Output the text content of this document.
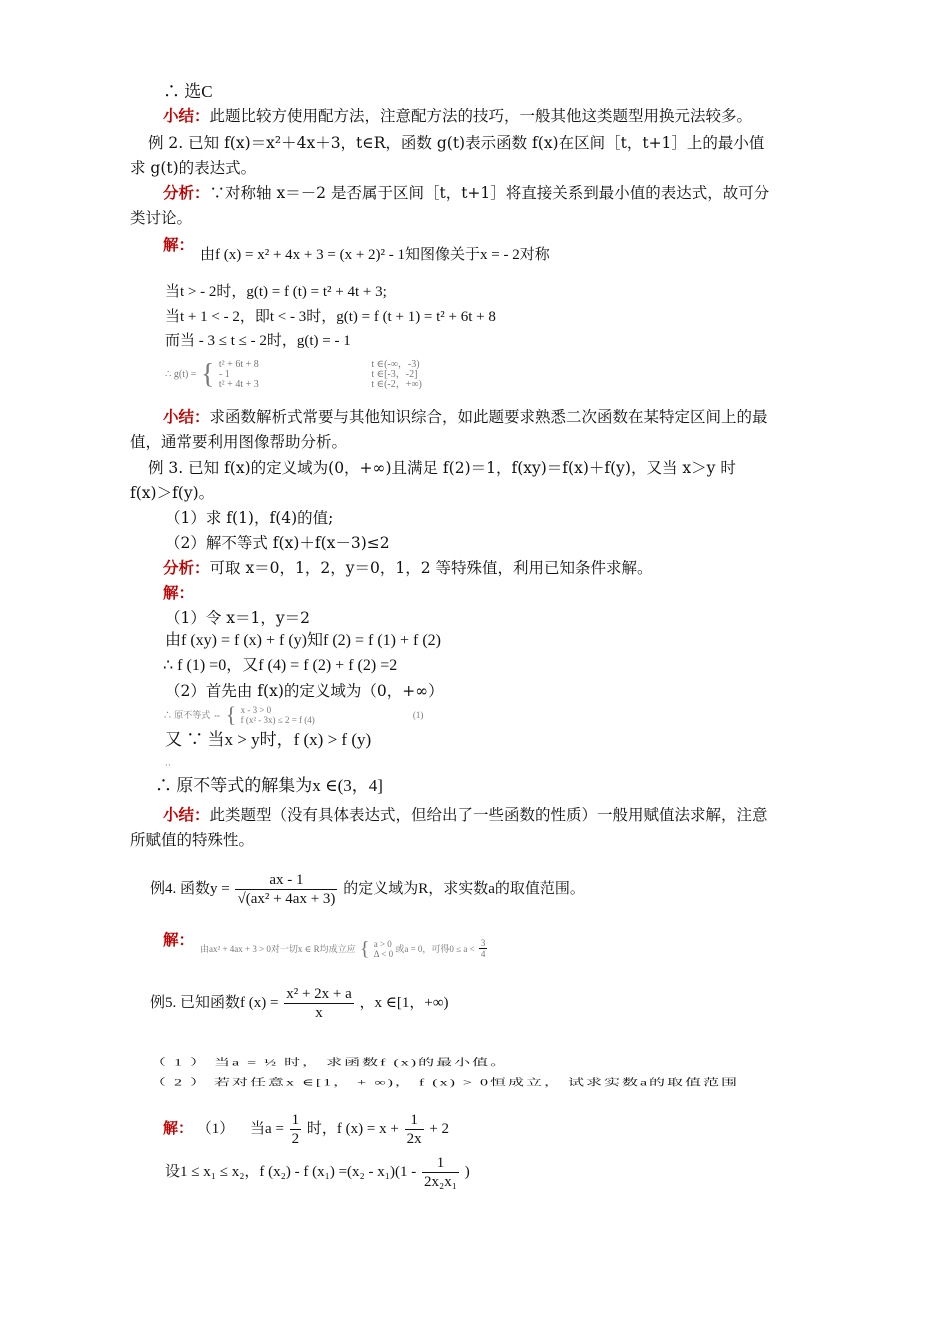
∴ 选C
小结：此题比较方使用配方法，注意配方法的技巧，一般其他这类题型用换元法较多。
例 2. 已知 f(x)＝x²＋4x＋3，t∈R，函数 g(t)表示函数 f(x)在区间［t，t+1］上的最小值
求 g(t)的表达式。
分析：∵对称轴 x＝－2 是否属于区间［t，t+1］将直接关系到最小值的表达式，故可分
类讨论。
解：
由f (x) = x² + 4x + 3 = (x + 2)² - 1知图像关于x = - 2对称
当t > - 2时，g(t) = f (t) = t² + 4t + 3;
当t + 1 < - 2，即t < - 3时，g(t) = f (t + 1) = t² + 6t + 8
而当 - 3 ≤ t ≤ - 2时，g(t) = - 1
∴ g(t) = { t² + 6t + 8
- 1
t² + 4t + 3

t ∈(-∞，-3)
t ∈[-3，-2]
t ∈(-2，+∞)
小结：求函数解析式常要与其他知识综合，如此题要求熟悉二次函数在某特定区间上的最
值，通常要利用图像帮助分析。
例 3. 已知 f(x)的定义域为(0，+∞)且满足 f(2)＝1，f(xy)＝f(x)＋f(y)，又当 x＞y 时
f(x)＞f(y)。
（1）求 f(1)，f(4)的值;
（2）解不等式 f(x)＋f(x－3)≤2
分析：可取 x＝0，1，2，y＝0，1，2 等特殊值，利用已知条件求解。
解：
（1）令 x＝1，y＝2
由f (xy) = f (x) + f (y)知f (2) = f (1) + f (2)
∴ f (1) =0，又f (4) = f (2) + f (2) =2
（2）首先由 f(x)的定义域为（0，+∞）
∴ 原不等式 ⇔ { x - 3 > 0
f (x² - 3x) ≤ 2 = f (4)	(1)
又 ∵ 当x > y时，f (x) > f (y)
··
∴ 原不等式的解集为x ∈(3，4]
小结：此类题型（没有具体表达式，但给出了一些函数的性质）一般用赋值法求解，注意
所赋值的特殊性。
例4. 函数$y = \frac{ax - 1}{\text{√(ax² + 4ax + 3)}}$ 的定义域为R，求实数a的取值范围。
解： 由ax² + 4ax + 3 > 0对一切x ∈ R均成立应 { a > 0
Δ < 0 或a = 0，可得$0 \le a < \frac{3}{4}$
例5. 已知函数f $(x) = \frac{\text{x² + 2x + a}}{x}$ ，x ∈[1，+∞)
（ 1 ） 当a = ½ 时， 求函数f (x)的最小值。
（ 2 ） 若对任意x ∈[1， + ∞)， f (x) > 0恒成立， 试求实数a的取值范围
解： （1） 当$a = \frac{1}{2}$ 时，f $(x) = x + \frac{1}{2x} + 2$
设1 ≤ x₁ ≤ x₂，f (x₂) - f $(x_1) =(x_2 - x_1)(1 - \frac{1}{\text{2x₂x₁}}$ )
